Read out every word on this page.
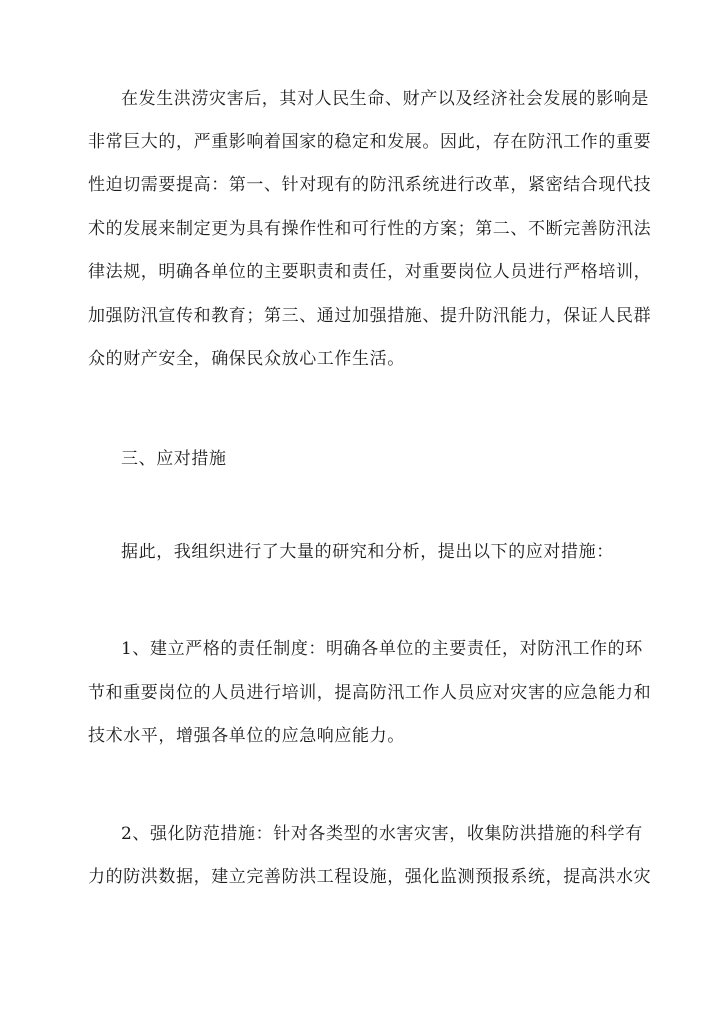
在发生洪涝灾害后，其对人民生命、财产以及经济社会发展的影响是
非常巨大的，严重影响着国家的稳定和发展。因此，存在防汛工作的重要
性迫切需要提高：第一、针对现有的防汛系统进行改革，紧密结合现代技
术的发展来制定更为具有操作性和可行性的方案；第二、不断完善防汛法
律法规，明确各单位的主要职责和责任，对重要岗位人员进行严格培训，
加强防汛宣传和教育；第三、通过加强措施、提升防汛能力，保证人民群
众的财产安全，确保民众放心工作生活。
三、应对措施
据此，我组织进行了大量的研究和分析，提出以下的应对措施：
1、建立严格的责任制度：明确各单位的主要责任，对防汛工作的环
节和重要岗位的人员进行培训，提高防汛工作人员应对灾害的应急能力和
技术水平，增强各单位的应急响应能力。
2、强化防范措施：针对各类型的水害灾害，收集防洪措施的科学有
力的防洪数据，建立完善防洪工程设施，强化监测预报系统，提高洪水灾
